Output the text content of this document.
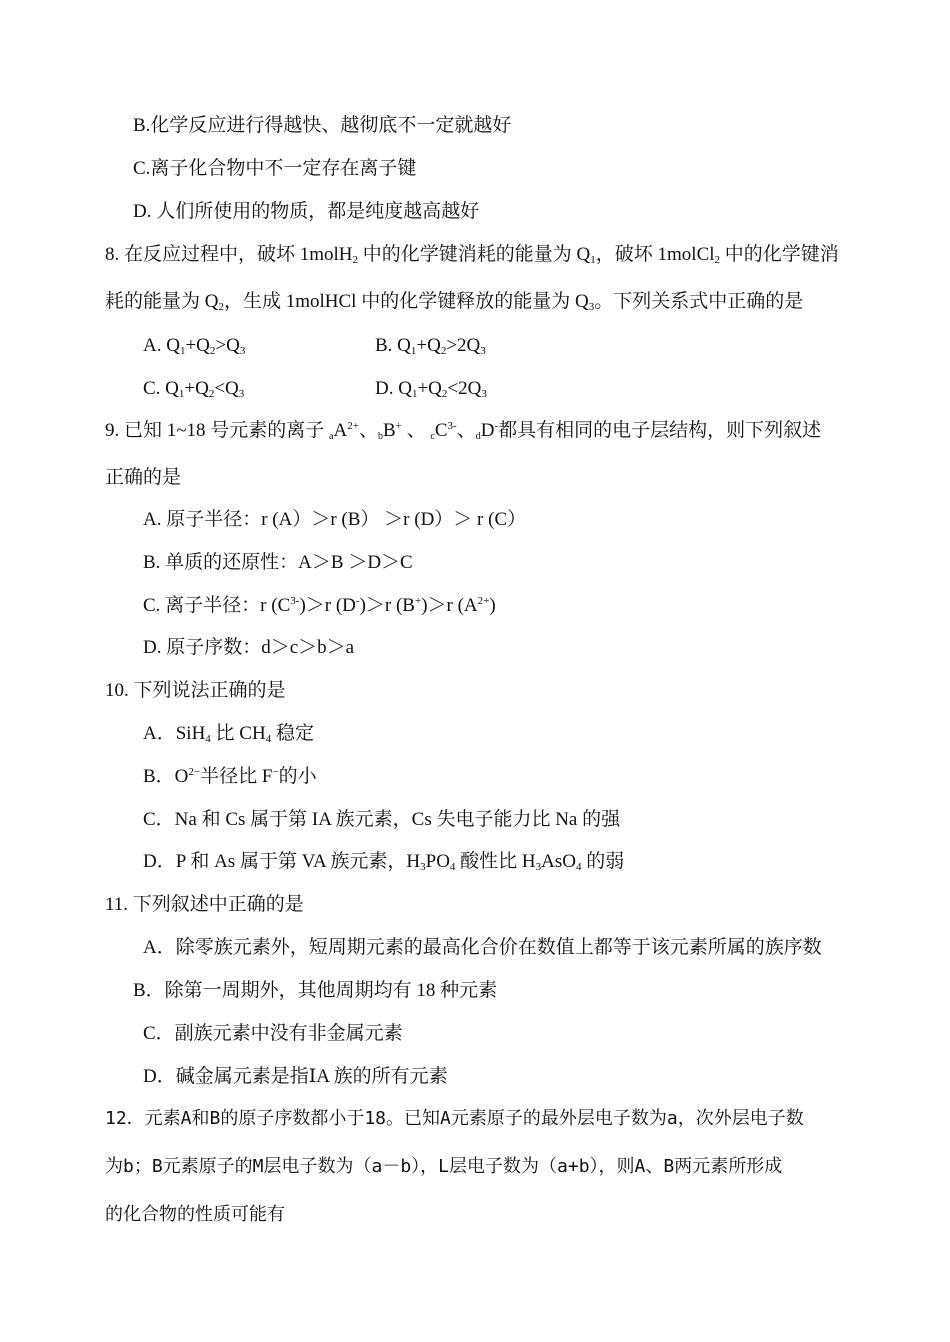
B.化学反应进行得越快、越彻底不一定就越好
C.离子化合物中不一定存在离子键
D. 人们所使用的物质，都是纯度越高越好
8. 在反应过程中，破坏 1molH$_2$ 中的化学键消耗的能量为 $Q_1$，破坏 1molCl$_2$ 中的化学键消
耗的能量为 $Q_2$，生成 1molHCl 中的化学键释放的能量为 $Q_3$。下列关系式中正确的是
A. $Q_1+Q_2>Q_3$	B. $Q_1+Q_2>2Q_3$
C. $Q_1+Q_2<Q_3$	D. $Q_1+Q_2<2Q_3$
9. 已知 1~18 号元素的离子 $aA^{2+}$、bB+ 、 $cC^{3-}$、dD-都具有相同的电子层结构，则下列叙述
正确的是
A. 原子半径：r (A）＞r (B） ＞r (D）＞ r (C）
B. 单质的还原性：A＞B ＞D＞C
C. 离子半径：r $(C^{3-})>r$ (D-)＞r (B+)＞r $(A^{2+})$
D. 原子序数：d＞c＞b＞a
10. 下列说法正确的是
A．SiH$_4$ 比 $CH_4$ 稳定
B．$O^{2-}$半径比 F−的小
C．Na 和 Cs 属于第 IA 族元素，Cs 失电子能力比 Na 的强
D．P 和 As 属于第 VA 族元素，$H_3PO_4$ 酸性比 $H_3AsO_4$ 的弱
11. 下列叙述中正确的是
A．除零族元素外，短周期元素的最高化合价在数值上都等于该元素所属的族序数
B．除第一周期外，其他周期均有 18 种元素
C．副族元素中没有非金属元素
D．碱金属元素是指ⅠA 族的所有元素
12．元素A和B的原子序数都小于18。已知A元素原子的最外层电子数为a，次外层电子数
为b；B元素原子的M层电子数为（a－b），L层电子数为（a+b），则A、B两元素所形成
的化合物的性质可能有
